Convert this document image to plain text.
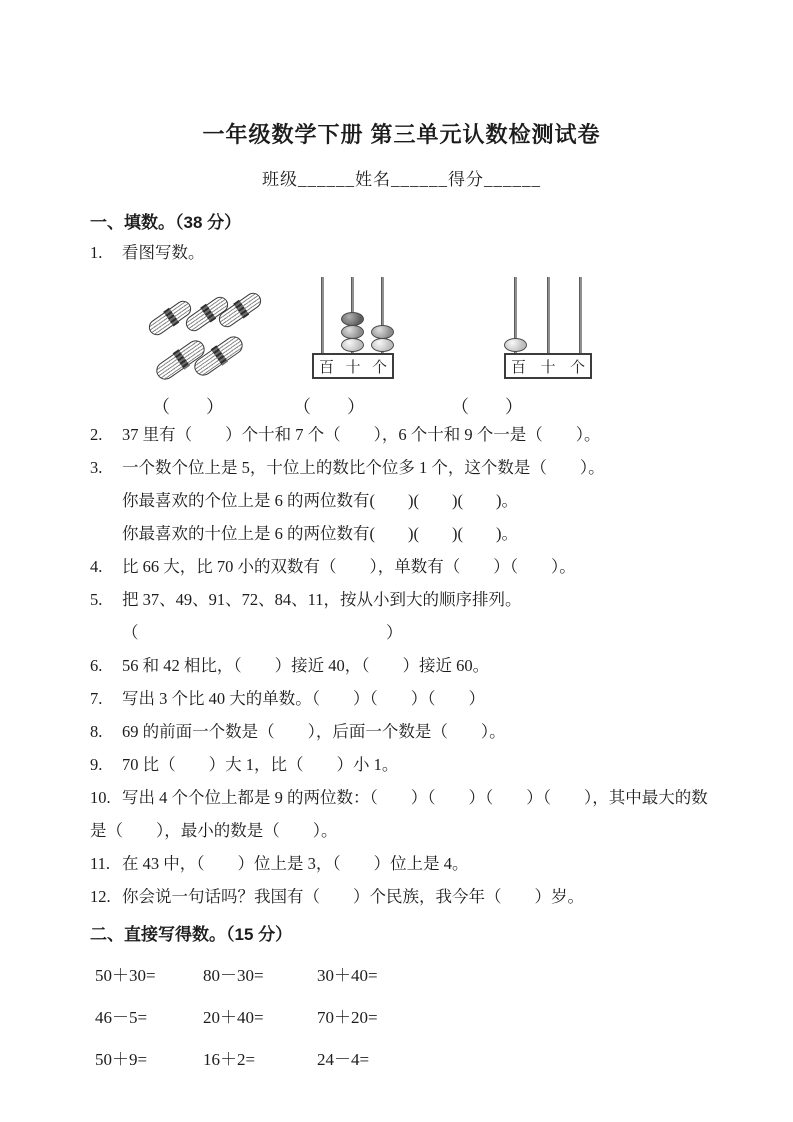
一年级数学下册 第三单元认数检测试卷
班级______姓名______得分______
一、填数。（38 分）
1. 看图写数。
百 十 个	百 十 个
（　　）	（　　）	（　　）
2. 37 里有（　　）个十和 7 个（　　），6 个十和 9 个一是（　　）。
3. 一个数个位上是 5，十位上的数比个位多 1 个，这个数是（　　）。
你最喜欢的个位上是 6 的两位数有(　　)(　　)(　　)。
你最喜欢的十位上是 6 的两位数有(　　)(　　)(　　)。
4. 比 66 大，比 70 小的双数有（　　），单数有（　　）（　　）。
5. 把 37、49、91、72、84、11，按从小到大的顺序排列。
（　　　　　　　　　　　　　　　）
6. 56 和 42 相比，（　　）接近 40，（　　）接近 60。
7. 写出 3 个比 40 大的单数。（　　）（　　）（　　）
8. 69 的前面一个数是（　　），后面一个数是（　　）。
9. 70 比（　　）大 1，比（　　）小 1。
10. 写出 4 个个位上都是 9 的两位数：（　　）（　　）（　　）（　　），其中最大的数
是（　　），最小的数是（　　）。
11. 在 43 中，（　　）位上是 3，（　　）位上是 4。
12. 你会说一句话吗？我国有（　　）个民族，我今年（　　）岁。
二、直接写得数。（15 分）
50＋30=	80－30=	30＋40=
46－5=	20＋40=	70＋20=
50＋9=	16＋2=	24－4=
